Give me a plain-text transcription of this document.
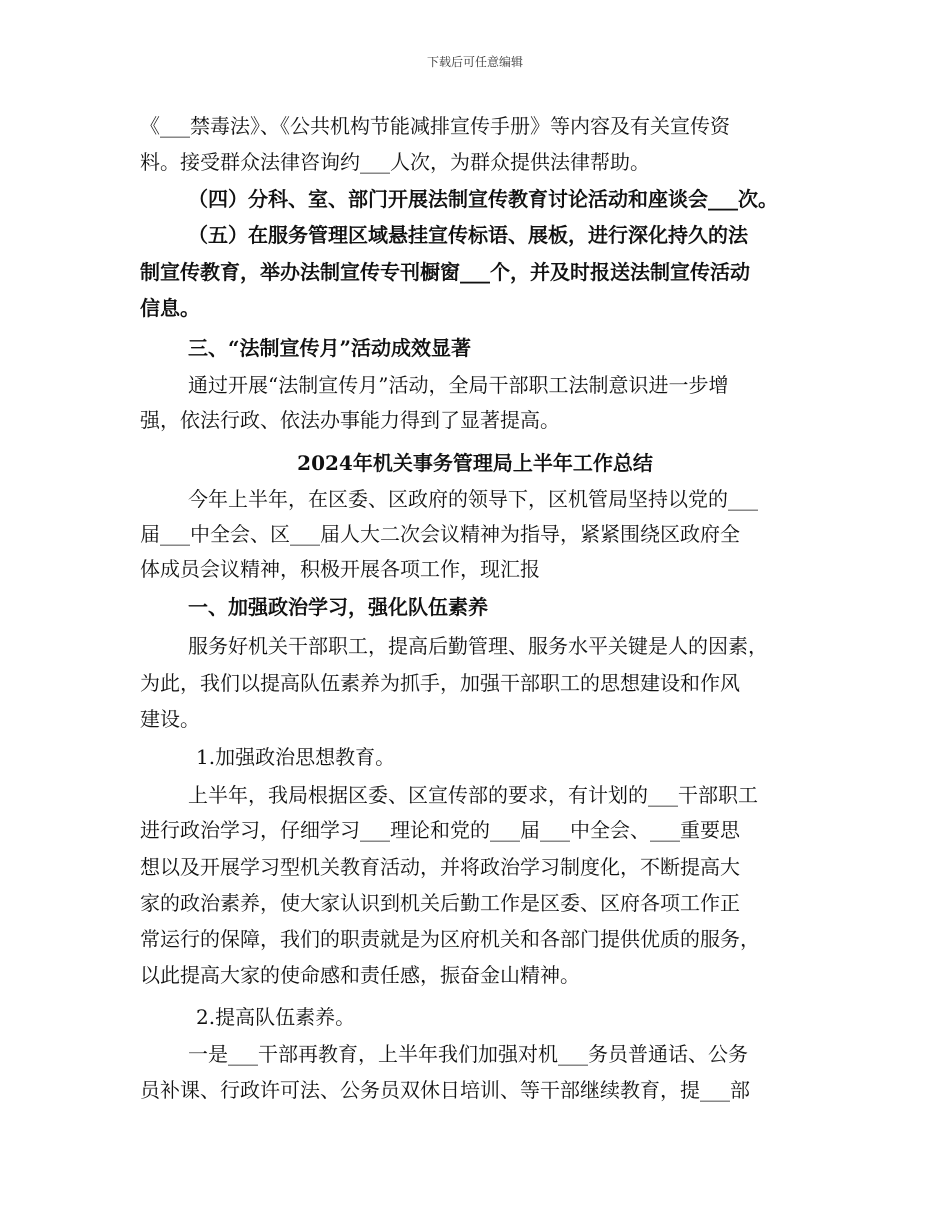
下载后可任意编辑
《___禁毒法》、《公共机构节能减排宣传手册》等内容及有关宣传资
料。接受群众法律咨询约___人次，为群众提供法律帮助。
（四）分科、室、部门开展法制宣传教育讨论活动和座谈会___次。
（五）在服务管理区域悬挂宣传标语、展板，进行深化持久的法
制宣传教育，举办法制宣传专刊橱窗___个，并及时报送法制宣传活动
信息。
三、“法制宣传月”活动成效显著
通过开展“法制宣传月”活动，全局干部职工法制意识进一步增
强，依法行政、依法办事能力得到了显著提高。
2024年机关事务管理局上半年工作总结
今年上半年，在区委、区政府的领导下，区机管局坚持以党的___
届___中全会、区___届人大二次会议精神为指导，紧紧围绕区政府全
体成员会议精神，积极开展各项工作，现汇报
一、加强政治学习，强化队伍素养
服务好机关干部职工，提高后勤管理、服务水平关键是人的因素，
为此，我们以提高队伍素养为抓手，加强干部职工的思想建设和作风
建设。
1.加强政治思想教育。
上半年，我局根据区委、区宣传部的要求，有计划的___干部职工
进行政治学习，仔细学习___理论和党的___届___中全会、___重要思
想以及开展学习型机关教育活动，并将政治学习制度化，不断提高大
家的政治素养，使大家认识到机关后勤工作是区委、区府各项工作正
常运行的保障，我们的职责就是为区府机关和各部门提供优质的服务，
以此提高大家的使命感和责任感，振奋金山精神。
2.提高队伍素养。
一是___干部再教育，上半年我们加强对机___务员普通话、公务
员补课、行政许可法、公务员双休日培训、等干部继续教育，提___部
